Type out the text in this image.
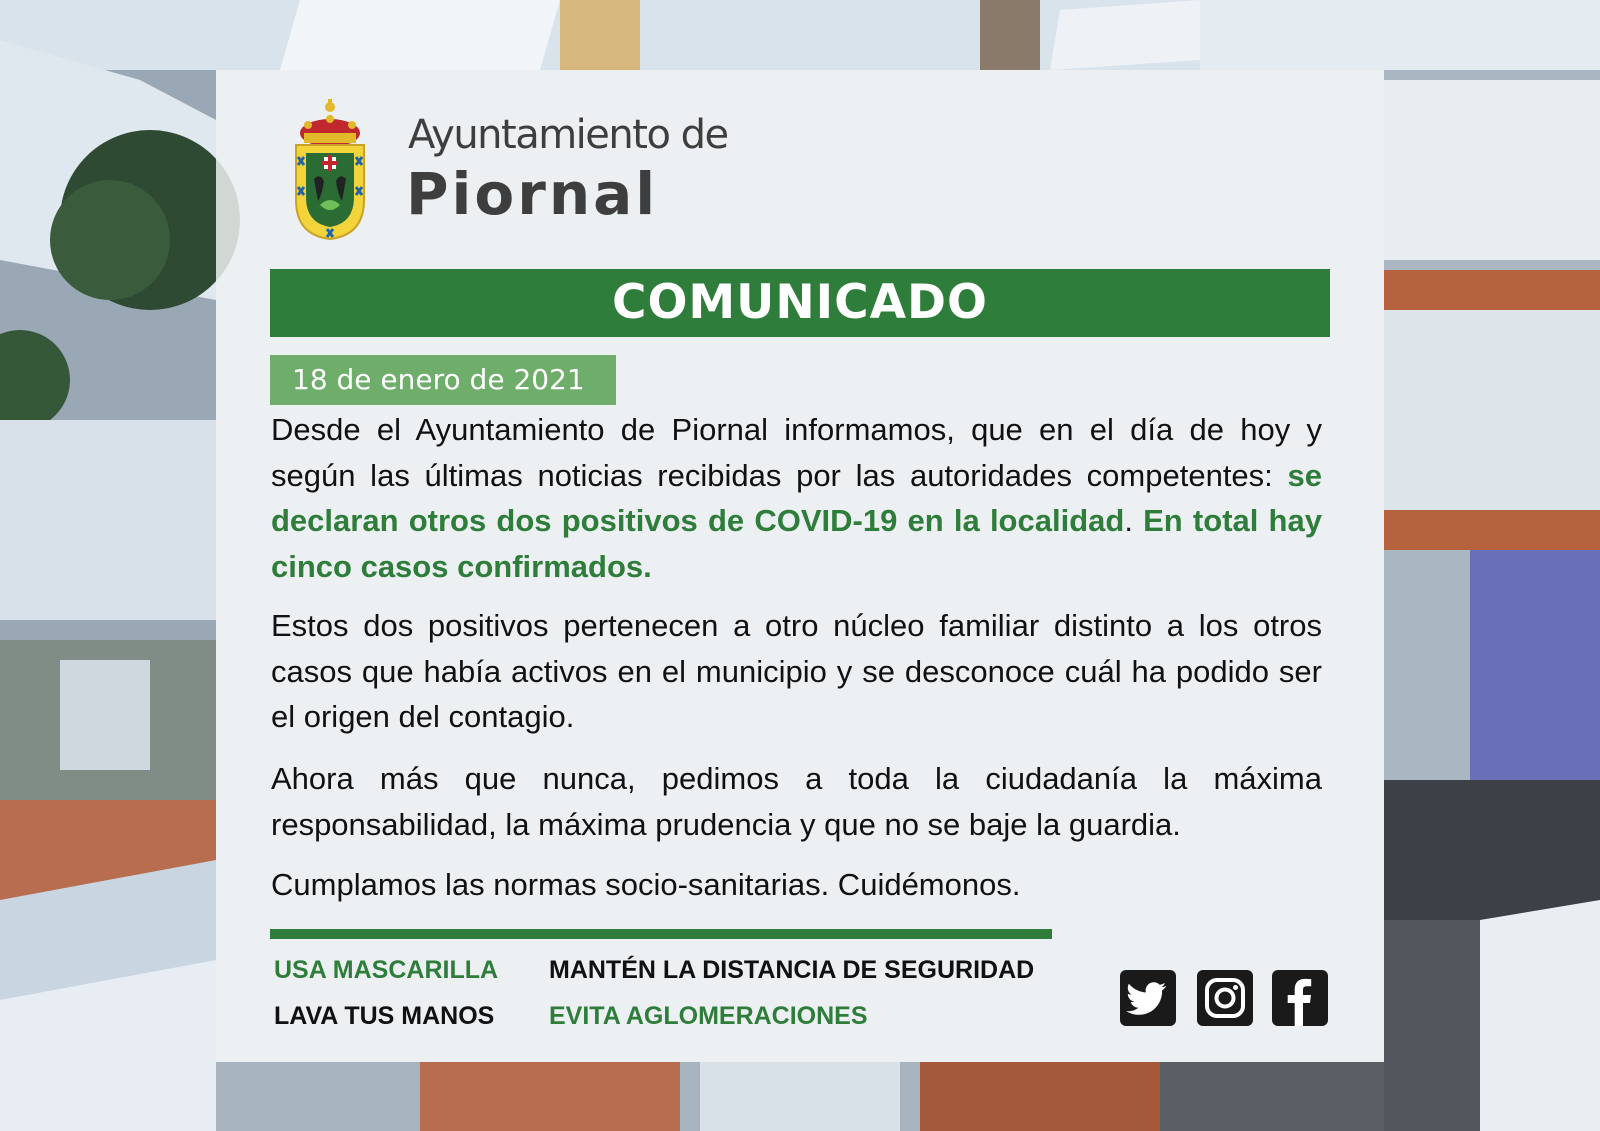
Ayuntamiento de
Piornal
COMUNICADO
18 de enero de 2021
Desde el Ayuntamiento de Piornal informamos, que en el día de hoy y según las últimas noticias recibidas por las autoridades competentes: se declaran otros dos positivos de COVID-19 en la localidad. En total hay cinco casos confirmados.
Estos dos positivos pertenecen a otro núcleo familiar distinto a los otros casos que había activos en el municipio y se desconoce cuál ha podido ser el origen del contagio.
Ahora más que nunca, pedimos a toda la ciudadanía la máxima responsabilidad, la máxima prudencia y que no se baje la guardia.
Cumplamos las normas socio-sanitarias. Cuidémonos.
USA MASCARILLA MANTÉN LA DISTANCIA DE SEGURIDAD
LAVA TUS MANOS EVITA AGLOMERACIONES
